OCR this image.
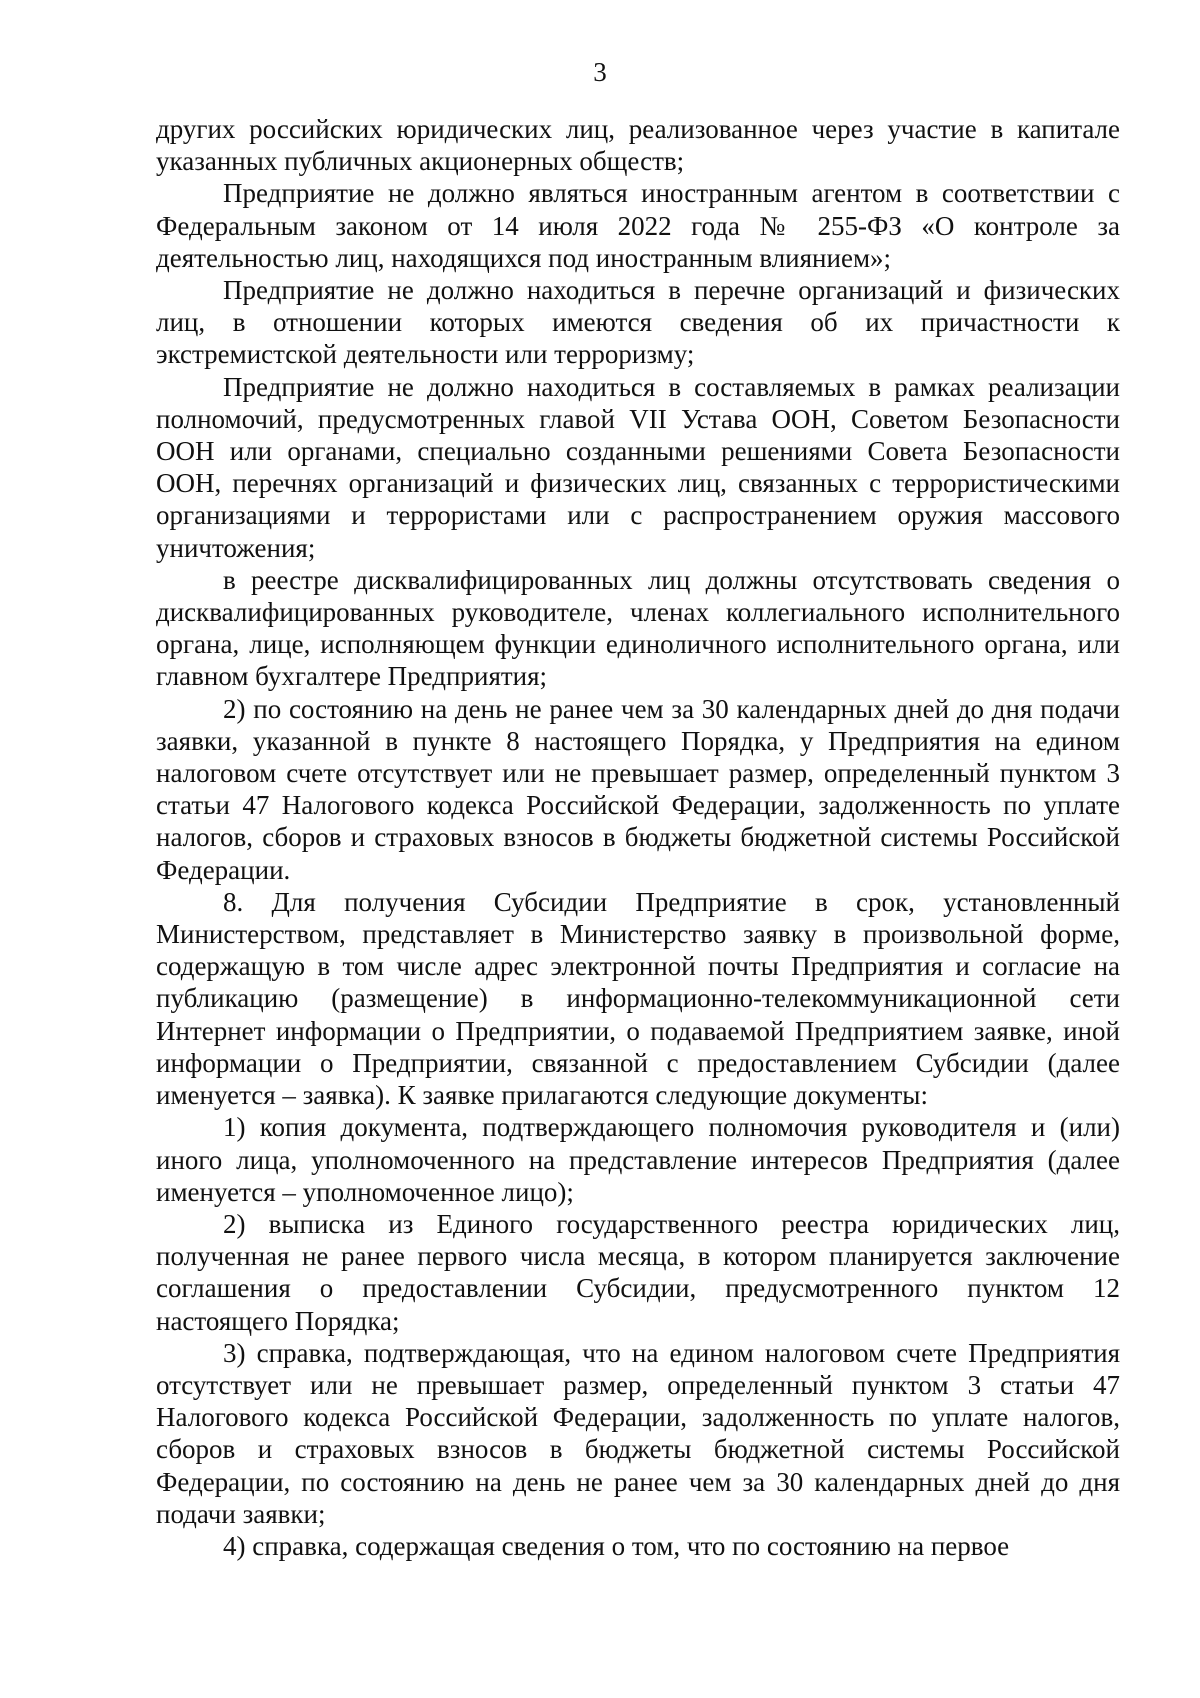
3

других российских юридических лиц, реализованное через участие в капитале указанных публичных акционерных обществ;

Предприятие не должно являться иностранным агентом в соответствии с Федеральным законом от 14 июля 2022 года № 255-ФЗ «О контроле за деятельностью лиц, находящихся под иностранным влиянием»;

Предприятие не должно находиться в перечне организаций и физических лиц, в отношении которых имеются сведения об их причастности к экстремистской деятельности или терроризму;

Предприятие не должно находиться в составляемых в рамках реализации полномочий, предусмотренных главой VII Устава ООН, Советом Безопасности ООН или органами, специально созданными решениями Совета Безопасности ООН, перечнях организаций и физических лиц, связанных с террористическими организациями и террористами или с распространением оружия массового уничтожения;

в реестре дисквалифицированных лиц должны отсутствовать сведения о дисквалифицированных руководителе, членах коллегиального исполнительного органа, лице, исполняющем функции единоличного исполнительного органа, или главном бухгалтере Предприятия;

2) по состоянию на день не ранее чем за 30 календарных дней до дня подачи заявки, указанной в пункте 8 настоящего Порядка, у Предприятия на едином налоговом счете отсутствует или не превышает размер, определенный пунктом 3 статьи 47 Налогового кодекса Российской Федерации, задолженность по уплате налогов, сборов и страховых взносов в бюджеты бюджетной системы Российской Федерации.

8. Для получения Субсидии Предприятие в срок, установленный Министерством, представляет в Министерство заявку в произвольной форме, содержащую в том числе адрес электронной почты Предприятия и согласие на публикацию (размещение) в информационно-телекоммуникационной сети Интернет информации о Предприятии, о подаваемой Предприятием заявке, иной информации о Предприятии, связанной с предоставлением Субсидии (далее именуется – заявка). К заявке прилагаются следующие документы:

1) копия документа, подтверждающего полномочия руководителя и (или) иного лица, уполномоченного на представление интересов Предприятия (далее именуется – уполномоченное лицо);

2) выписка из Единого государственного реестра юридических лиц, полученная не ранее первого числа месяца, в котором планируется заключение соглашения о предоставлении Субсидии, предусмотренного пунктом 12 настоящего Порядка;

3) справка, подтверждающая, что на едином налоговом счете Предприятия отсутствует или не превышает размер, определенный пунктом 3 статьи 47 Налогового кодекса Российской Федерации, задолженность по уплате налогов, сборов и страховых взносов в бюджеты бюджетной системы Российской Федерации, по состоянию на день не ранее чем за 30 календарных дней до дня подачи заявки;

4) справка, содержащая сведения о том, что по состоянию на первое
